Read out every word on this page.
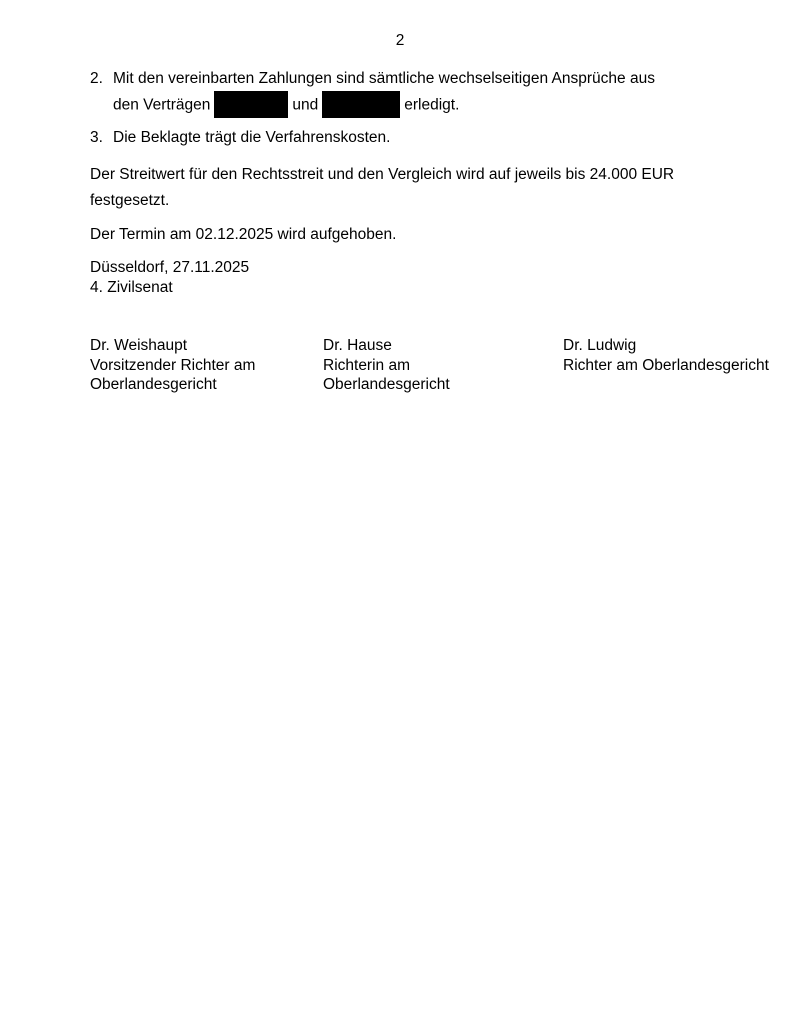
2
2. Mit den vereinbarten Zahlungen sind sämtliche wechselseitigen Ansprüche aus
den Verträgen	und	erledigt.
3. Die Beklagte trägt die Verfahrenskosten.
Der Streitwert für den Rechtsstreit und den Vergleich wird auf jeweils bis 24.000 EUR
festgesetzt.
Der Termin am 02.12.2025 wird aufgehoben.
Düsseldorf, 27.11.2025
4. Zivilsenat
Dr. Weishaupt
Vorsitzender Richter am
Oberlandesgericht
Dr. Hause
Richterin am
Oberlandesgericht
Dr. Ludwig
Richter am Oberlandesgericht
